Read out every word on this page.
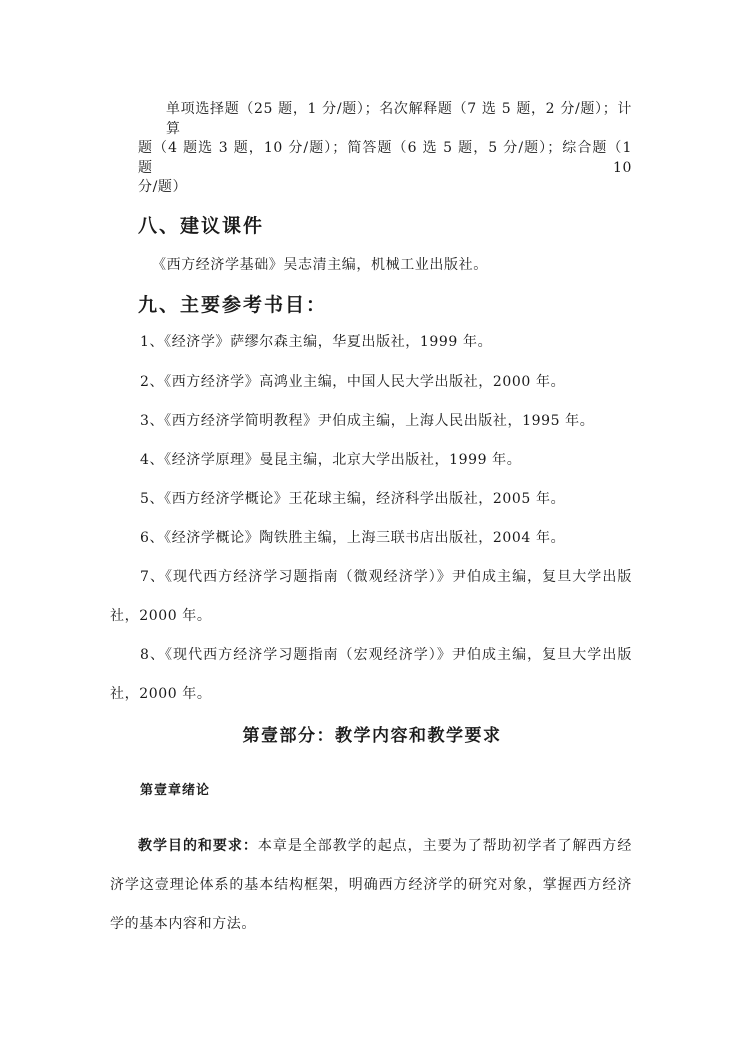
单项选择题（25 题，1 分/题）；名次解释题（7 选 5 题，2 分/题）；计算
题（4 题选 3 题，10 分/题）；简答题（6 选 5 题，5 分/题）；综合题（1 题 10
分/题）
八、建议课件
《西方经济学基础》吴志清主编，机械工业出版社。
九、主要参考书目：
1、《经济学》萨缪尔森主编，华夏出版社，1999 年。
2、《西方经济学》高鸿业主编，中国人民大学出版社，2000 年。
3、《西方经济学简明教程》尹伯成主编，上海人民出版社，1995 年。
4、《经济学原理》曼昆主编，北京大学出版社，1999 年。
5、《西方经济学概论》王花球主编，经济科学出版社，2005 年。
6、《经济学概论》陶铁胜主编，上海三联书店出版社，2004 年。
7、《现代西方经济学习题指南（微观经济学）》尹伯成主编，复旦大学出版
社，2000 年。
8、《现代西方经济学习题指南（宏观经济学）》尹伯成主编，复旦大学出版
社，2000 年。
第壹部分：教学内容和教学要求
第壹章绪论
教学目的和要求：本章是全部教学的起点，主要为了帮助初学者了解西方经
济学这壹理论体系的基本结构框架，明确西方经济学的研究对象，掌握西方经济
学的基本内容和方法。
